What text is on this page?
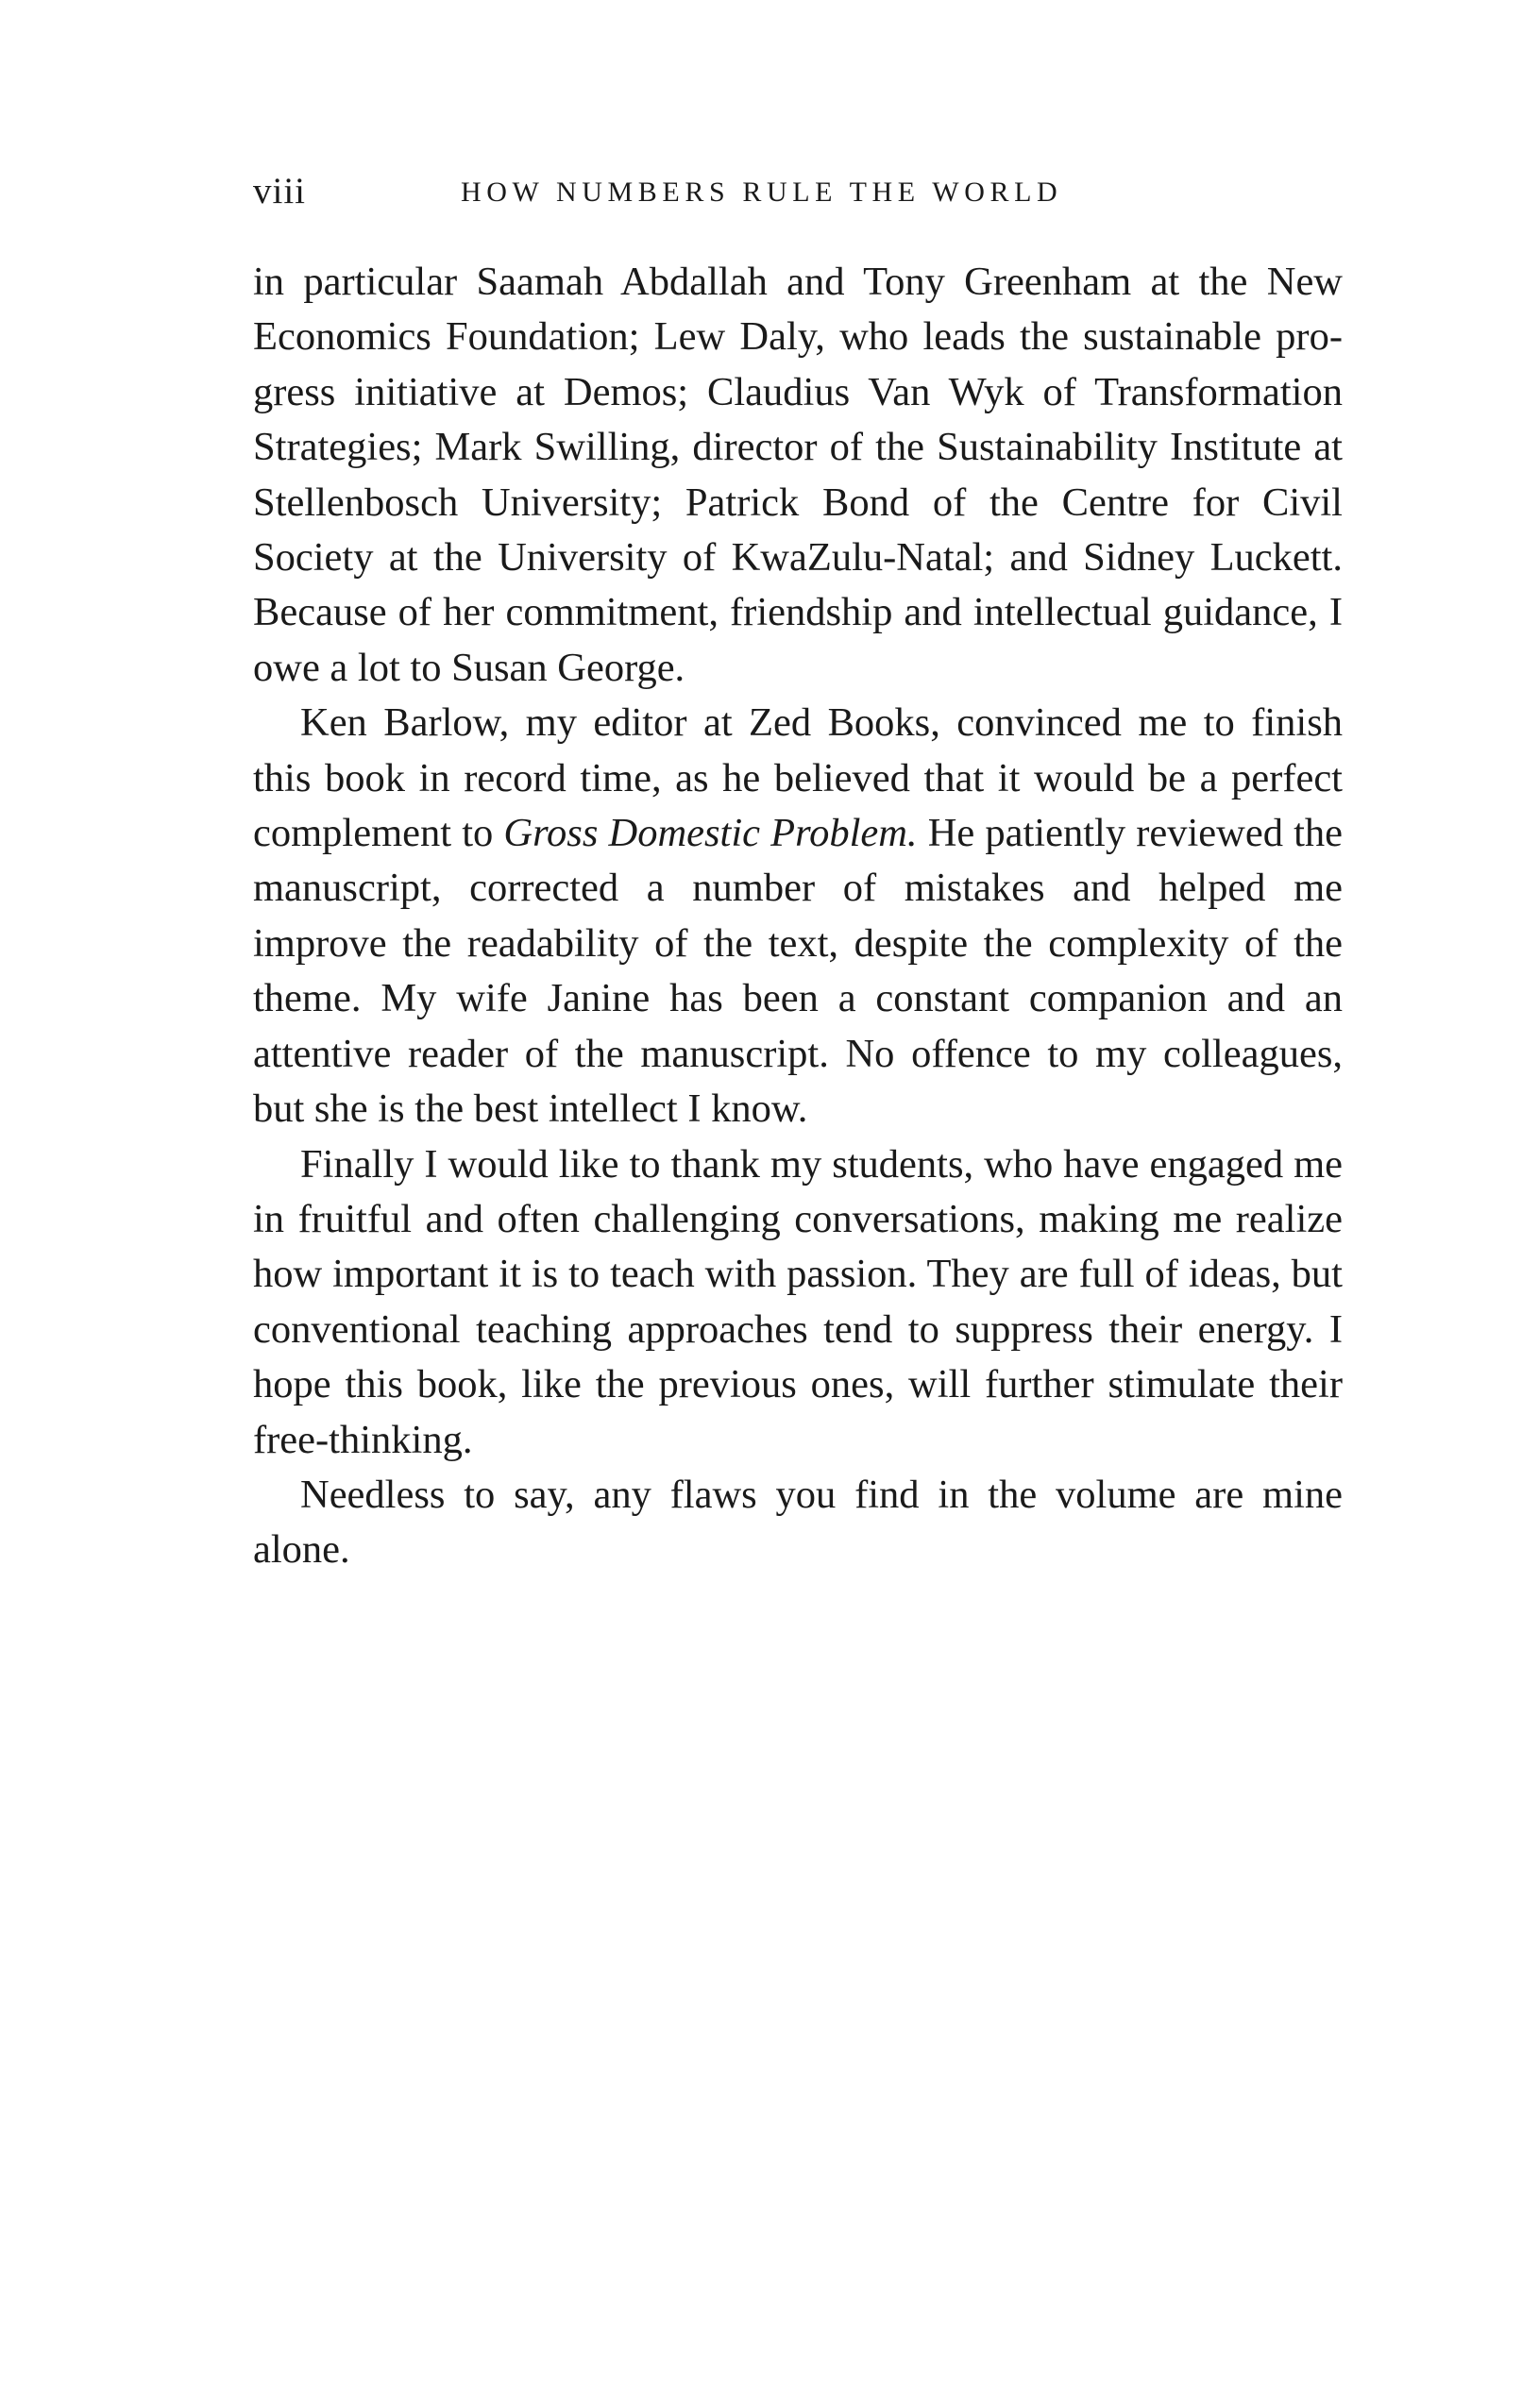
viii	HOW NUMBERS RULE THE WORLD

in particular Saamah Abdallah and Tony Greenham at the New Economics Foundation; Lew Daly, who leads the sustainable progress initiative at Demos; Claudius Van Wyk of Transformation Strategies; Mark Swilling, director of the Sustainability Institute at Stellenbosch University; Patrick Bond of the Centre for Civil Society at the University of KwaZulu-Natal; and Sidney Luckett. Because of her commitment, friendship and intellectual guidance, I owe a lot to Susan George.

Ken Barlow, my editor at Zed Books, convinced me to finish this book in record time, as he believed that it would be a perfect complement to Gross Domestic Problem. He patiently reviewed the manuscript, corrected a number of mistakes and helped me improve the readability of the text, despite the complexity of the theme. My wife Janine has been a constant companion and an attentive reader of the manuscript. No offence to my colleagues, but she is the best intellect I know.

Finally I would like to thank my students, who have engaged me in fruitful and often challenging conversations, making me realize how important it is to teach with passion. They are full of ideas, but conventional teaching approaches tend to suppress their energy. I hope this book, like the previous ones, will further stimulate their free-thinking.

Needless to say, any flaws you find in the volume are mine alone.
